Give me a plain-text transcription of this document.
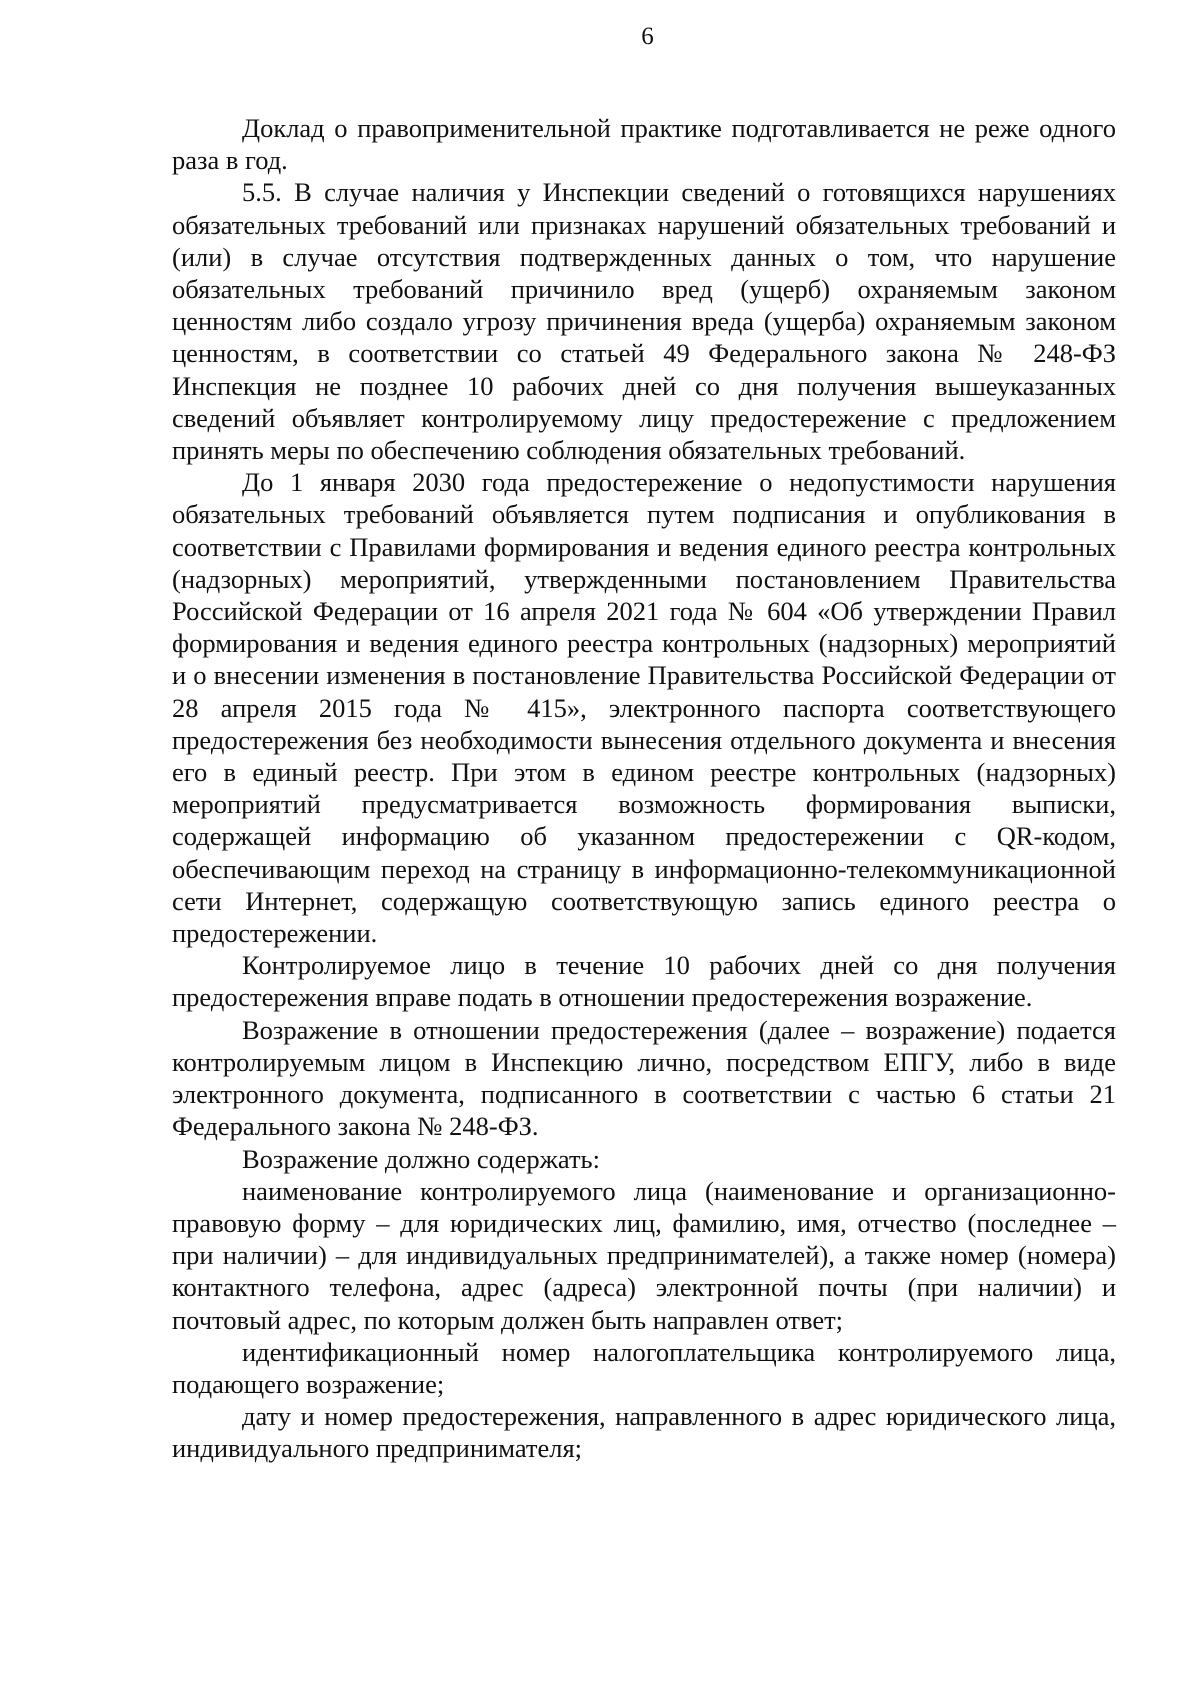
6

Доклад о правоприменительной практике подготавливается не реже одного раза в год.

5.5. В случае наличия у Инспекции сведений о готовящихся нарушениях обязательных требований или признаках нарушений обязательных требований и (или) в случае отсутствия подтвержденных данных о том, что нарушение обязательных требований причинило вред (ущерб) охраняемым законом ценностям либо создало угрозу причинения вреда (ущерба) охраняемым законом ценностям, в соответствии со статьей 49 Федерального закона № 248-ФЗ Инспекция не позднее 10 рабочих дней со дня получения вышеуказанных сведений объявляет контролируемому лицу предостережение с предложением принять меры по обеспечению соблюдения обязательных требований.

До 1 января 2030 года предостережение о недопустимости нарушения обязательных требований объявляется путем подписания и опубликования в соответствии с Правилами формирования и ведения единого реестра контрольных (надзорных) мероприятий, утвержденными постановлением Правительства Российской Федерации от 16 апреля 2021 года № 604 «Об утверждении Правил формирования и ведения единого реестра контрольных (надзорных) мероприятий и о внесении изменения в постановление Правительства Российской Федерации от 28 апреля 2015 года № 415», электронного паспорта соответствующего предостережения без необходимости вынесения отдельного документа и внесения его в единый реестр. При этом в едином реестре контрольных (надзорных) мероприятий предусматривается возможность формирования выписки, содержащей информацию об указанном предостережении с QR-кодом, обеспечивающим переход на страницу в информационно-телекоммуникационной сети Интернет, содержащую соответствующую запись единого реестра о предостережении.

Контролируемое лицо в течение 10 рабочих дней со дня получения предостережения вправе подать в отношении предостережения возражение.

Возражение в отношении предостережения (далее – возражение) подается контролируемым лицом в Инспекцию лично, посредством ЕПГУ, либо в виде электронного документа, подписанного в соответствии с частью 6 статьи 21 Федерального закона № 248-ФЗ.

Возражение должно содержать:

наименование контролируемого лица (наименование и организационно-правовую форму – для юридических лиц, фамилию, имя, отчество (последнее – при наличии) – для индивидуальных предпринимателей), а также номер (номера) контактного телефона, адрес (адреса) электронной почты (при наличии) и почтовый адрес, по которым должен быть направлен ответ;

идентификационный номер налогоплательщика контролируемого лица, подающего возражение;

дату и номер предостережения, направленного в адрес юридического лица, индивидуального предпринимателя;
